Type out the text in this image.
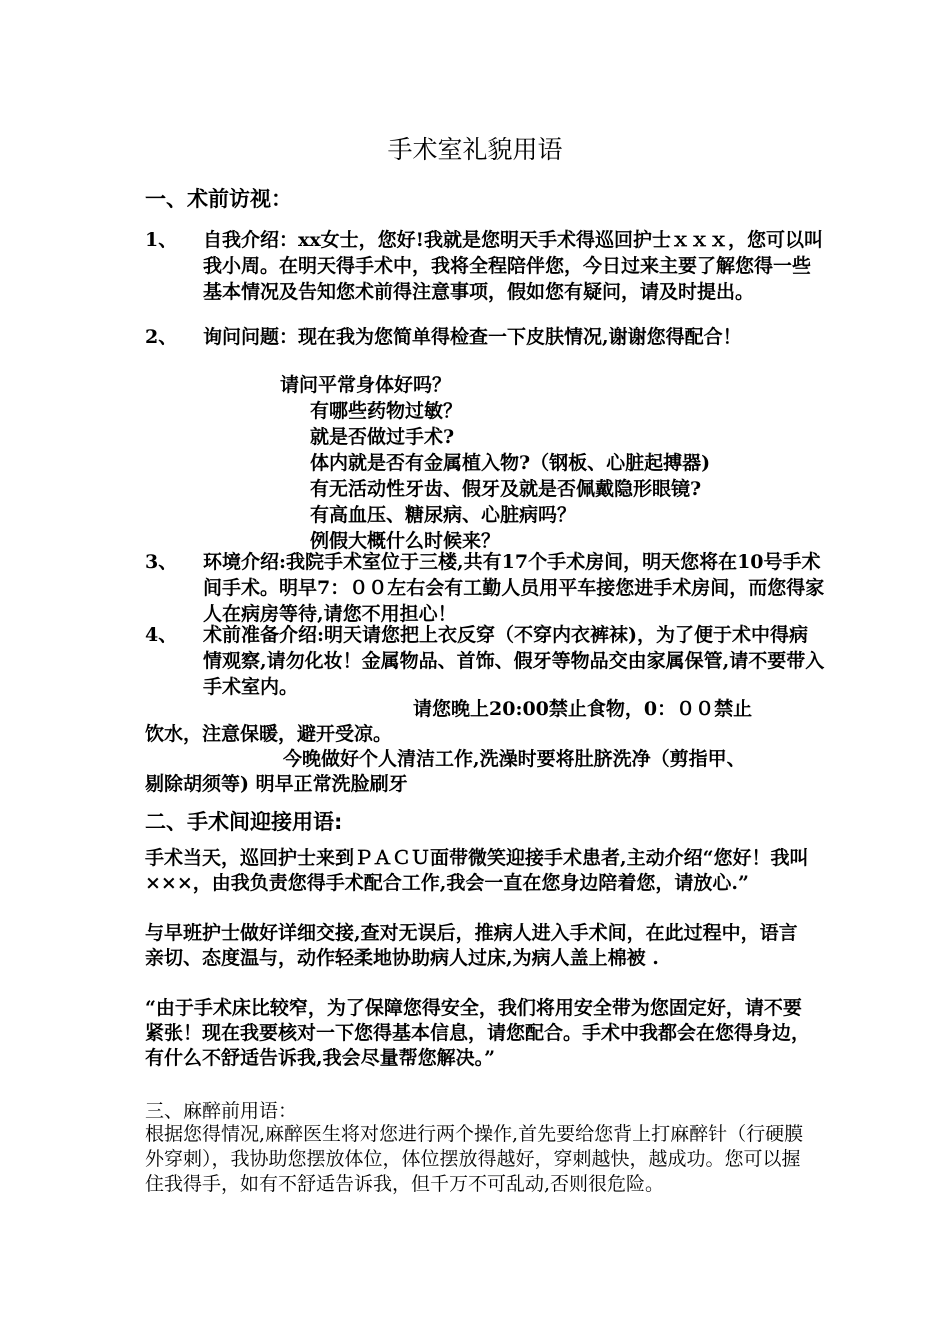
手术室礼貌用语
一、术前访视：
1、 自我介绍：xx女士，您好!我就是您明天手术得巡回护士ｘｘｘ，您可以叫我小周。在明天得手术中，我将全程陪伴您，今日过来主要了解您得一些基本情况及告知您术前得注意事项，假如您有疑问，请及时提出。
2、 询问问题：现在我为您简单得检查一下皮肤情况,谢谢您得配合！
请问平常身体好吗？
有哪些药物过敏？
就是否做过手术?
体内就是否有金属植入物?（钢板、心脏起搏器)
有无活动性牙齿、假牙及就是否佩戴隐形眼镜?
有高血压、糖尿病、心脏病吗？
例假大概什么时候来？
3、 环境介绍:我院手术室位于三楼,共有17个手术房间，明天您将在10号手术间手术。明早7：００左右会有工勤人员用平车接您进手术房间，而您得家人在病房等待,请您不用担心！
4、 术前准备介绍:明天请您把上衣反穿（不穿内衣裤袜)，为了便于术中得病情观察,请勿化妆！金属物品、首饰、假牙等物品交由家属保管,请不要带入手术室内。
请您晚上20:00禁止食物，0：００禁止
饮水，注意保暖，避开受凉。
今晚做好个人清洁工作,洗澡时要将肚脐洗净（剪指甲、
剔除胡须等) 明早正常洗脸刷牙
二、手术间迎接用语:
手术当天，巡回护士来到ＰＡＣＵ面带微笑迎接手术患者,主动介绍“您好！我叫×××，由我负责您得手术配合工作,我会一直在您身边陪着您，请放心.”
与早班护士做好详细交接,查对无误后，推病人进入手术间，在此过程中，语言亲切、态度温与，动作轻柔地协助病人过床,为病人盖上棉被 .
“由于手术床比较窄，为了保障您得安全，我们将用安全带为您固定好，请不要紧张！现在我要核对一下您得基本信息，请您配合。手术中我都会在您得身边，有什么不舒适告诉我,我会尽量帮您解决。”
三、麻醉前用语：
根据您得情况,麻醉医生将对您进行两个操作,首先要给您背上打麻醉针（行硬膜外穿刺），我协助您摆放体位，体位摆放得越好，穿刺越快，越成功。您可以握住我得手，如有不舒适告诉我，但千万不可乱动,否则很危险。
